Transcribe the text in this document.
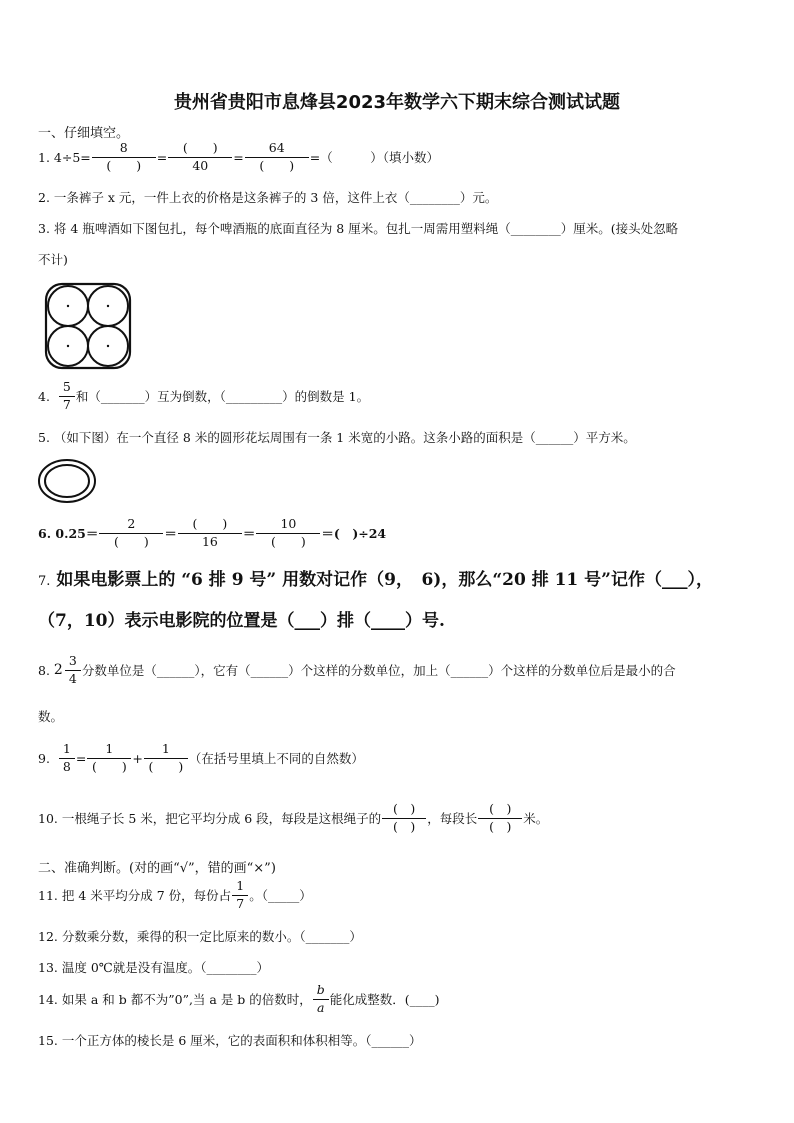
贵州省贵阳市息烽县2023年数学六下期末综合测试试题
一、仔细填空。
1.
$4\div 5= \frac{8}{( )} = \frac{( )}{40} = \frac{64}{( )}$ =（　　　）（填小数）
2. 一条裤子 x 元，一件上衣的价格是这条裤子的 3 倍，这件上衣（________）元。
3. 将 4 瓶啤酒如下图包扎，每个啤酒瓶的底面直径为 8 厘米。包扎一周需用塑料绳（________）厘米。(接头处忽略
不计)
4.
$\frac{5}{7}$ 和（_______）互为倒数，（_________）的倒数是 1。
5. （如下图）在一个直径 8 米的圆形花坛周围有一条 1 米宽的小路。这条小路的面积是（______）平方米。
6.
$0.25= \frac{2}{( )} = \frac{( )}{16} = \frac{10}{( )}$ ＝(　)÷24
7. 如果电影票上的 “6 排 9 号” 用数对记作（9，　6)，那么“20 排 11 号”记作（___），
（7，10）表示电影院的位置是（___）排（____）号.
8.
$2 \frac{3}{4}$ 分数单位是（______），它有（______）个这样的分数单位，加上（______）个这样的分数单位后是最小的合
数。
9.
$\frac{1}{8} = \frac{1}{( )} + \frac{1}{( )}$ （在括号里填上不同的自然数）
10.
一根绳子长 5 米，把它平均分成 6 段，每段是这根绳子的 $\frac{( )}{( )}$ ，每段长 $\frac{( )}{( )}$ 米。
二、准确判断。(对的画“√”，错的画“×”)
11.
把 4 米平均分成 7 份，每份占 $\frac{1}{7}$ 。（_____）
12. 分数乘分数，乘得的积一定比原来的数小。（_______）
13. 温度 0℃就是没有温度。（________）
14.
如果 a 和 b 都不为”0”,当 a 是 b 的倍数时， $\frac{b}{a}$ 能化成整数．(____)
15. 一个正方体的棱长是 6 厘米，它的表面积和体积相等。（______）
